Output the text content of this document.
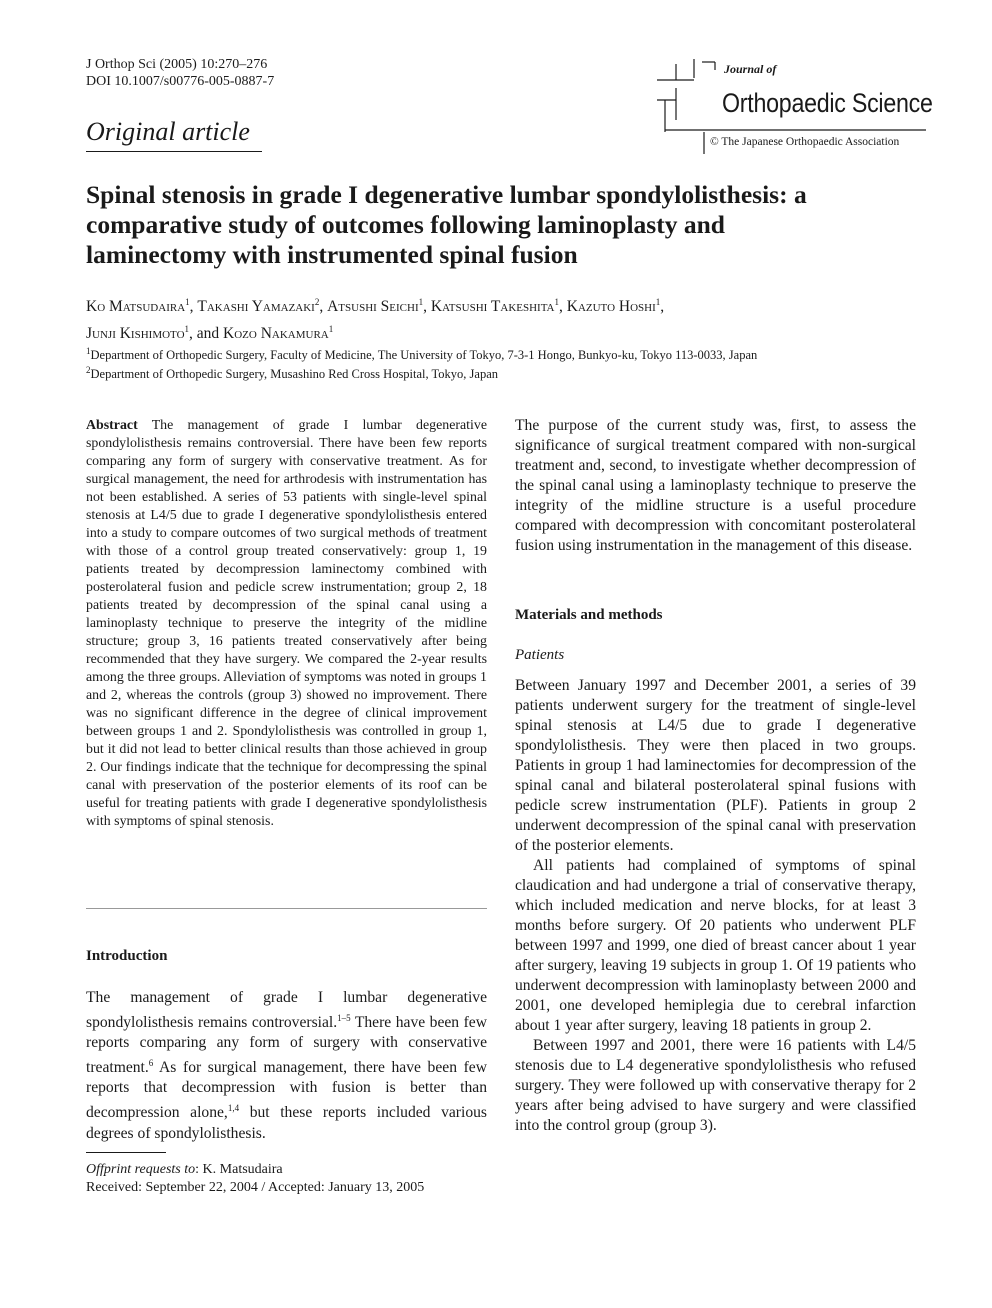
J Orthop Sci (2005) 10:270–276
DOI 10.1007/s00776-005-0887-7
Original article
Journal of
Orthopaedic Science
© The Japanese Orthopaedic Association
Spinal stenosis in grade I degenerative lumbar spondylolisthesis: a comparative study of outcomes following laminoplasty and laminectomy with instrumented spinal fusion
Ko Matsudaira$^1$, Takashi Yamazaki$^2$, Atsushi Seichi$^1$, Katsushi Takeshita$^1$, Kazuto Hoshi$^1$,
Junji Kishimoto$^1$, and Kozo Nakamura$^1$
$^1$Department of Orthopedic Surgery, Faculty of Medicine, The University of Tokyo, 7-3-1 Hongo, Bunkyo-ku, Tokyo 113-0033, Japan
$^2$Department of Orthopedic Surgery, Musashino Red Cross Hospital, Tokyo, Japan
Abstract The management of grade I lumbar degenerative spondylolisthesis remains controversial. There have been few reports comparing any form of surgery with conservative treatment. As for surgical management, the need for arthrodesis with instrumentation has not been established. A series of 53 patients with single-level spinal stenosis at L4/5 due to grade I degenerative spondylolisthesis entered into a study to compare outcomes of two surgical methods of treatment with those of a control group treated conservatively: group 1, 19 patients treated by decompression laminectomy combined with posterolateral fusion and pedicle screw instrumentation; group 2, 18 patients treated by decompression of the spinal canal using a laminoplasty technique to preserve the integrity of the midline structure; group 3, 16 patients treated conservatively after being recommended that they have surgery. We compared the 2-year results among the three groups. Alleviation of symptoms was noted in groups 1 and 2, whereas the controls (group 3) showed no improvement. There was no significant difference in the degree of clinical improvement between groups 1 and 2. Spondylolisthesis was controlled in group 1, but it did not lead to better clinical results than those achieved in group 2. Our findings indicate that the technique for decompressing the spinal canal with preservation of the posterior elements of its roof can be useful for treating patients with grade I degenerative spondylolisthesis with symptoms of spinal stenosis.
Introduction

The management of grade I lumbar degenerative spondylolisthesis remains controversial.$^{1-5}$ There have been few reports comparing any form of surgery with conservative treatment.$^6$ As for surgical management, there have been few reports that decompression with fusion is better than decompression alone,$^{1,4}$ but these reports included various degrees of spondylolisthesis.

Offprint requests to: K. Matsudaira
Received: September 22, 2004 / Accepted: January 13, 2005
The purpose of the current study was, first, to assess the significance of surgical treatment compared with non-surgical treatment and, second, to investigate whether decompression of the spinal canal using a laminoplasty technique to preserve the integrity of the midline structure is a useful procedure compared with decompression with concomitant posterolateral fusion using instrumentation in the management of this disease.
Materials and methods
Patients

Between January 1997 and December 2001, a series of 39 patients underwent surgery for the treatment of single-level spinal stenosis at L4/5 due to grade I degenerative spondylolisthesis. They were then placed in two groups. Patients in group 1 had laminectomies for decompression of the spinal canal and bilateral posterolateral spinal fusions with pedicle screw instrumentation (PLF). Patients in group 2 underwent decompression of the spinal canal with preservation of the posterior elements.

All patients had complained of symptoms of spinal claudication and had undergone a trial of conservative therapy, which included medication and nerve blocks, for at least 3 months before surgery. Of 20 patients who underwent PLF between 1997 and 1999, one died of breast cancer about 1 year after surgery, leaving 19 subjects in group 1. Of 19 patients who underwent decompression with laminoplasty between 2000 and 2001, one developed hemiplegia due to cerebral infarction about 1 year after surgery, leaving 18 patients in group 2.

Between 1997 and 2001, there were 16 patients with L4/5 stenosis due to L4 degenerative spondylolisthesis who refused surgery. They were followed up with conservative therapy for 2 years after being advised to have surgery and were classified into the control group (group 3).
